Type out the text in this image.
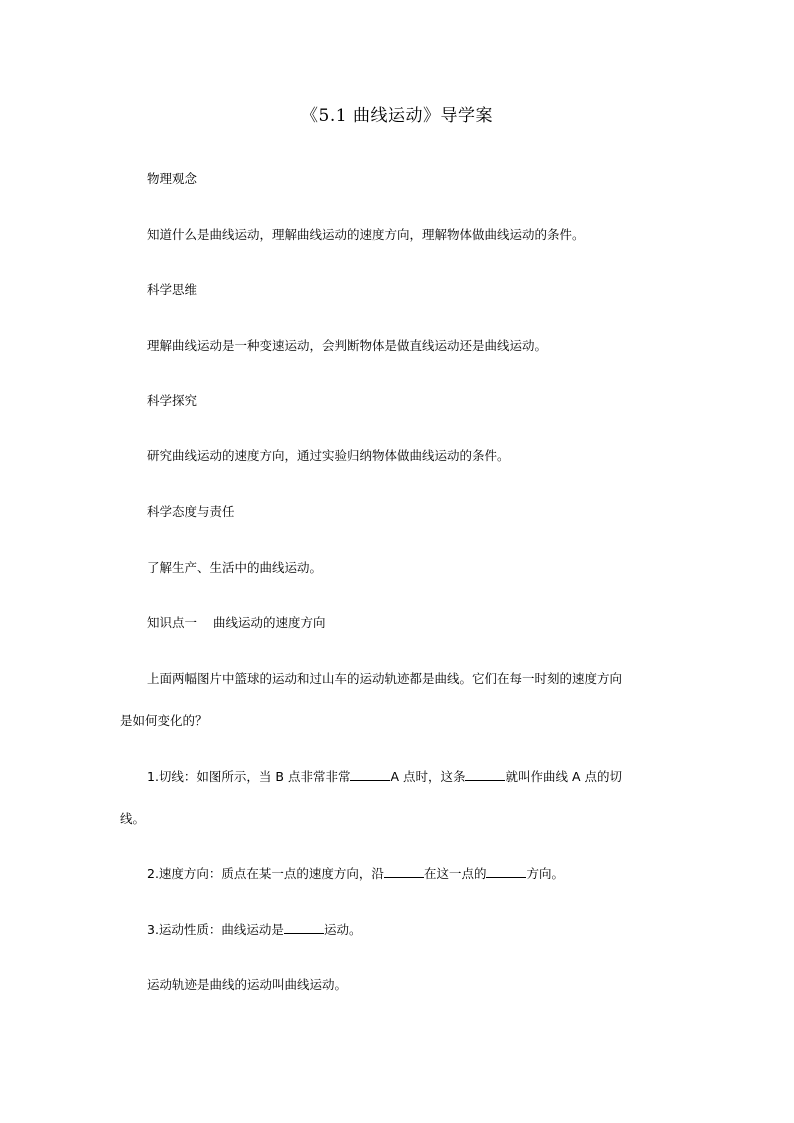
《5.1 曲线运动》导学案
物理观念
知道什么是曲线运动，理解曲线运动的速度方向，理解物体做曲线运动的条件。
科学思维
理解曲线运动是一种变速运动，会判断物体是做直线运动还是曲线运动。
科学探究
研究曲线运动的速度方向，通过实验归纳物体做曲线运动的条件。
科学态度与责任
了解生产、生活中的曲线运动。
知识点一 曲线运动的速度方向
上面两幅图片中篮球的运动和过山车的运动轨迹都是曲线。它们在每一时刻的速度方向
是如何变化的？
1.切线：如图所示，当 B 点非常非常	A 点时，这条	就叫作曲线 A 点的切
线。
2.速度方向：质点在某一点的速度方向，沿	在这一点的	方向。
3.运动性质：曲线运动是	运动。
运动轨迹是曲线的运动叫曲线运动。
